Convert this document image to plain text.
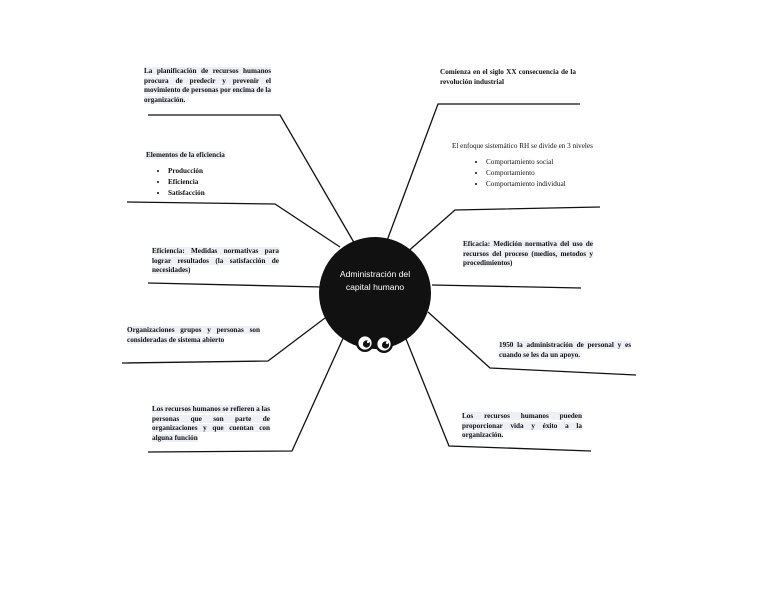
Administración del capital humano

La planificación de recursos humanos procura de predecir y prevenir el movimiento de personas por encima de la organización.

Comienza en el siglo XX consecuencia de la revolución industrial

Elementos de la eficiencia

• Producción
• Eficiencia
• Satisfacción

El enfoque sistemático RH se divide en 3 niveles

• Comportamiento social
• Comportamiento
• Comportamiento individual

Eficiencia: Medidas normativas para lograr resultados (la satisfacción de necesidades)

Eficacia: Medición normativa del uso de recursos del proceso (medios, metodos y procedimientos)

Organizaciones grupos y personas son consideradas de sistema abierto

1950 la administración de personal y es cuando se les da un apoyo.

Los recursos humanos se refieren a las personas que son parte de organizaciones y que cuentan con alguna función

Los recursos humanos pueden proporcionar vida y éxito a la organización.
